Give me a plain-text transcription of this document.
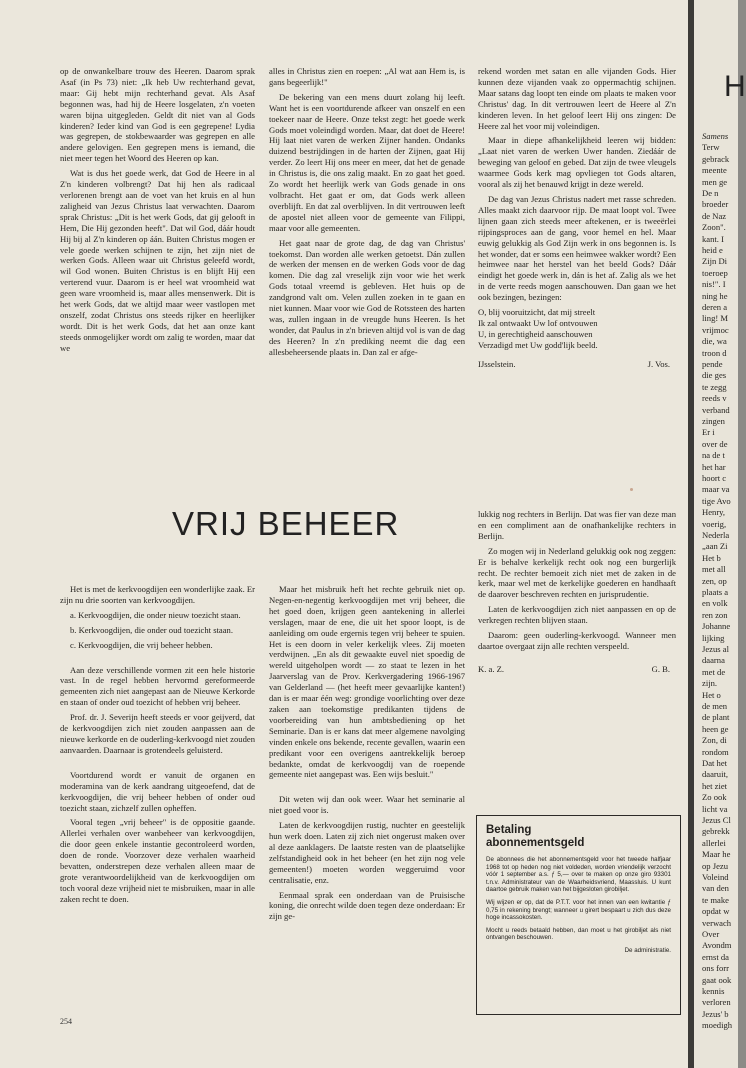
op de onwankelbare trouw des Heeren. Daarom sprak Asaf (in Ps 73) niet: „Ik heb Uw rechterhand gevat, maar: Gij hebt mijn rechterhand gevat. Als Asaf begonnen was, had hij de Heere losgelaten, z'n voeten waren bijna uitgegleden. Geldt dit niet van al Gods kinderen? Ieder kind van God is een gegrepene! Lydia was gegrepen, de stokbewaarder was gegrepen en alle andere gelovigen. Een gegrepen mens is iemand, die niet meer tegen het Woord des Heeren op kan.

Wat is dus het goede werk, dat God de Heere in al Z'n kinderen volbrengt? Dat hij hen als radicaal verlorenen brengt aan de voet van het kruis en al hun zaligheid van Jezus Christus laat verwachten. Daarom sprak Christus: „Dit is het werk Gods, dat gij gelooft in Hem, Die Hij gezonden heeft". Dat wil God, dáár houdt Hij bij al Z'n kinderen op áán. Buiten Christus mogen er vele goede werken schijnen te zijn, het zijn niet de werken Gods. Alleen waar uit Christus geleefd wordt, wil God wonen. Buiten Christus is en blijft Hij een verterend vuur. Daarom is er heel wat vroomheid wat geen ware vroomheid is, maar alles mensenwerk. Dit is het werk Gods, dat we altijd maar weer vastlopen met onszelf, zodat Christus ons steeds rijker en heerlijker wordt. Dit is het werk Gods, dat het aan onze kant steeds onmogelijker wordt om zalig te worden, maar dat we

alles in Christus zien en roepen: „Al wat aan Hem is, is gans begeerlijk!"

De bekering van een mens duurt zolang hij leeft. Want het is een voortdurende afkeer van onszelf en een toekeer naar de Heere. Onze tekst zegt: het goede werk Gods moet voleindigd worden. Maar, dat doet de Heere! Hij laat niet varen de werken Zijner handen. Ondanks duizend bestrijdingen in de harten der Zijnen, gaat Hij verder. Zo leert Hij ons meer en meer, dat het de genade in Christus is, die ons zalig maakt. En zo gaat het goed. Zo wordt het heerlijk werk van Gods genade in ons volbracht. Het gaat er om, dat Gods werk alleen overblijft. En dat zal overblijven. In dit vertrouwen leeft de apostel niet alleen voor de gemeente van Filippi, maar voor alle gemeenten.

Het gaat naar de grote dag, de dag van Christus' toekomst. Dan worden alle werken getoetst. Dán zullen de werken der mensen en de werken Gods voor de dag komen. Die dag zal vreselijk zijn voor wie het werk Gods totaal vreemd is gebleven. Het huis op de zandgrond valt om. Velen zullen zoeken in te gaan en niet kunnen. Maar voor wie God de Rotssteen des harten was, zullen ingaan in de vreugde huns Heeren. Is het wonder, dat Paulus in z'n brieven altijd vol is van de dag des Heeren? In z'n prediking neemt die dag een allesbeheersende plaats in. Dan zal er afge-

rekend worden met satan en alle vijanden Gods. Hier kunnen deze vijanden vaak zo oppermachtig schijnen. Maar satans dag loopt ten einde om plaats te maken voor Christus' dag. In dit vertrouwen leert de Heere al Z'n kinderen leven. In het geloof leert Hij ons zingen: De Heere zal het voor mij voleindigen.

Maar in diepe afhankelijkheid leeren wij bidden: „Laat niet varen de werken Uwer handen. Ziedáár de beweging van geloof en gebed. Dat zijn de twee vleugels waarmee Gods kerk mag opvliegen tot Gods altaren, vooral als zij het benauwd krijgt in deze wereld.

De dag van Jezus Christus nadert met rasse schreden. Alles maakt zich daarvoor rijp. De maat loopt vol. Twee lijnen gaan zich steeds meer aftekenen, er is tweeërlei rijpingsproces aan de gang, voor hemel en hel. Maar euwig gelukkig als God Zijn werk in ons begonnen is. Is het wonder, dat er soms een heimwee wakker wordt? Een heimwee naar het herstel van het beeld Gods? Dáár eindigt het goede werk in, dán is het af. Zalig als we het in de verte reeds mogen aanschouwen. Dan gaan we het ook bezingen, bezingen:

O, blij vooruitzicht, dat mij streelt
Ik zal ontwaakt Uw lof ontvouwen
U, in gerechtigheid aanschouwen
Verzadigd met Uw godd'lijk beeld.
IJsselstein.	J. Vos.
VRIJ BEHEER

Het is met de kerkvoogdijen een wonderlijke zaak. Er zijn nu drie soorten van kerkvoogdijen.

a. Kerkvoogdijen, die onder nieuw toezicht staan.

b. Kerkvoogdijen, die onder oud toezicht staan.

c. Kerkvoogdijen, die vrij beheer hebben.

Aan deze verschillende vormen zit een hele historie vast. In de regel hebben hervormd gereformeerde gemeenten zich niet aangepast aan de Nieuwe Kerkorde en staan of onder oud toezicht of hebben vrij beheer.

Prof. dr. J. Severijn heeft steeds er voor geijverd, dat de kerkvoogdijen zich niet zouden aanpassen aan de nieuwe kerkorde en de ouderling-kerkvoogd niet zouden aanvaarden. Daarnaar is grotendeels geluisterd.

Voortdurend wordt er vanuit de organen en moderamina van de kerk aandrang uitgeoefend, dat de kerkvoogdijen, die vrij beheer hebben of onder oud toezicht staan, zichzelf zullen opheffen.

Vooral tegen „vrij beheer" is de oppositie gaande. Allerlei verhalen over wanbeheer van kerkvoogdijen, die door geen enkele instantie gecontroleerd worden, doen de ronde. Voorzover deze verhalen waarheid bevatten, onderstrepen deze verhalen alleen maar de grote verantwoordelijkheid van de kerkvoogdijen om toch vooral deze vrijheid niet te misbruiken, maar in alle zaken recht te doen.

Maar het misbruik heft het rechte gebruik niet op. Negen-en-negentig kerkvoogdijen met vrij beheer, die het goed doen, krijgen geen aantekening in allerlei verslagen, maar de ene, die uit het spoor loopt, is de aanleiding om oude ergernis tegen vrij beheer te spuien. Het is een doorn in veler kerkelijk vlees. Zij moeten verdwijnen. „En als dit gewaakte euvel niet spoedig de wereld uitgeholpen wordt — zo staat te lezen in het Jaarverslag van de Prov. Kerkvergadering 1966-1967 van Gelderland — (het heeft meer gevaarlijke kanten!) dan is er maar één weg: grondige voorlichting over deze zaken aan toekomstige predikanten tijdens de voorbereiding van hun ambtsbediening op het Seminarie. Dan is er kans dat meer algemene navolging vinden enkele ons bekende, recente gevallen, waarin een predikant voor een overigens aantrekkelijk beroep bedankte, omdat de kerkvoogdij van de roepende gemeente niet aangepast was. Een wijs besluit."

Dit weten wij dan ook weer. Waar het seminarie al niet goed voor is.

Laten de kerkvoogdijen rustig, nuchter en geestelijk hun werk doen. Laten zij zich niet ongerust maken over al deze aanklagers. De laatste resten van de plaatselijke zelfstandigheid ook in het beheer (en het zijn nog vele gemeenten!) moeten worden weggeruimd voor centralisatie, enz.

Eenmaal sprak een onderdaan van de Pruisische koning, die onrecht wilde doen tegen deze onderdaan: Er zijn ge-

lukkig nog rechters in Berlijn. Dat was fier van deze man en een compliment aan de onafhankelijke rechters in Berlijn.

Zo mogen wij in Nederland gelukkig ook nog zeggen: Er is behalve kerkelijk recht ook nog een burgerlijk recht. De rechter bemoeit zich niet met de zaken in de kerk, maar wel met de kerkelijke goederen en handhaaft de daarover beschreven rechten en jurisprudentie.

Laten de kerkvoogdijen zich niet aanpassen en op de verkregen rechten blijven staan.

Daarom: geen ouderling-kerkvoogd. Wanneer men daartoe overgaat zijn alle rechten verspeeld.

K. a. Z.	G. B.
Betaling
abonnementsgeld

De abonnees die het abonnementsgeld voor het tweede halfjaar 1968 tot op heden nog niet voldeden, worden vriendelijk verzocht vóór 1 september a.s. ƒ 5,— over te maken op onze giro 93301 t.n.v. Administrateur van de Waarheidsvriend, Maassluis. U kunt daartoe gebruik maken van het bijgesloten girobiljet.

Wij wijzen er op, dat de P.T.T. voor het innen van een kwitantie ƒ 0,75 in rekening brengt; wanneer u girert bespaart u zich dus deze hoge incassokosten.

Mocht u reeds betaald hebben, dan moet u het girobiljet als niet ontvangen beschouwen.

De administratie.
254
H
Samens
Terw
gebrack
meente
men ge
De n
broeder
de Naz
Zoon".
kant. I
heid e
Zijn Di
toeroep
nis!". I
ning he
deren a
ling! M
vrijmoc
die, wa
troon d
pende
die ges
te zegg
reeds v
verband
zingen
Er i
over de
na de t
het har
hoort c
maar va
tige Avo
Henry,
voerig,
Nederla
„aan Zi
Het b
met all
zen, op
plaats a
en volk
ren zon
Johanne
lijking
Jezus al
daarna
met de
zijn.
Het o
de men
de plant
heen ge
Zon, di
rondom
Dat het
daaruit,
het ziet
Zo ook
licht va
Jezus Cl
gebrekk
allerlei
Maar he
op Jezu
Voleind
van den
te make
opdat w
verwach
Over
Avondm
ernst da
ons forr
gaat ook
kennis
verloren
Jezus' b
moedigh
